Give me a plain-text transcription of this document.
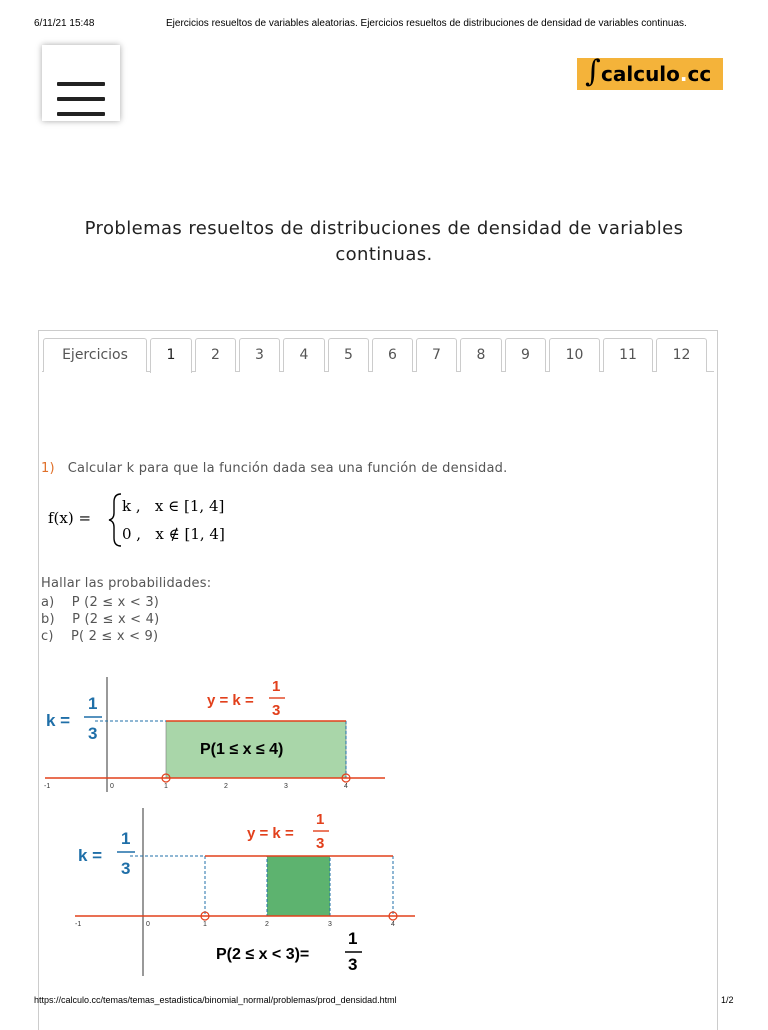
6/11/21 15:48	Ejercicios resueltos de variables aleatorias. Ejercicios resueltos de distribuciones de densidad de variables continuas.
∫ calculo.cc
Problemas resueltos de distribuciones de densidad de variables continuas.
Ejercicios	1	2	3	4	5	6	7	8	9	10	11	12
1) Calcular k para que la función dada sea una función de densidad.
f(x) =
k ,   x ∈ [1, 4]
0 ,   x ∉ [1, 4]
Hallar las probabilidades:
a) P (2 ≤ x < 3)
b) P (2 ≤ x < 4)
c) P( 2 ≤ x < 9)
-1	0	1	2	3	4
k =
1
3
y = k =
1
3
P(1 ≤ x ≤ 4)
-1	0	1	2	3	4
k =
1
3
y = k =
1
3
P(2 ≤ x < 3)=
1
3
https://calculo.cc/temas/temas_estadistica/binomial_normal/problemas/prod_densidad.html	1/2
